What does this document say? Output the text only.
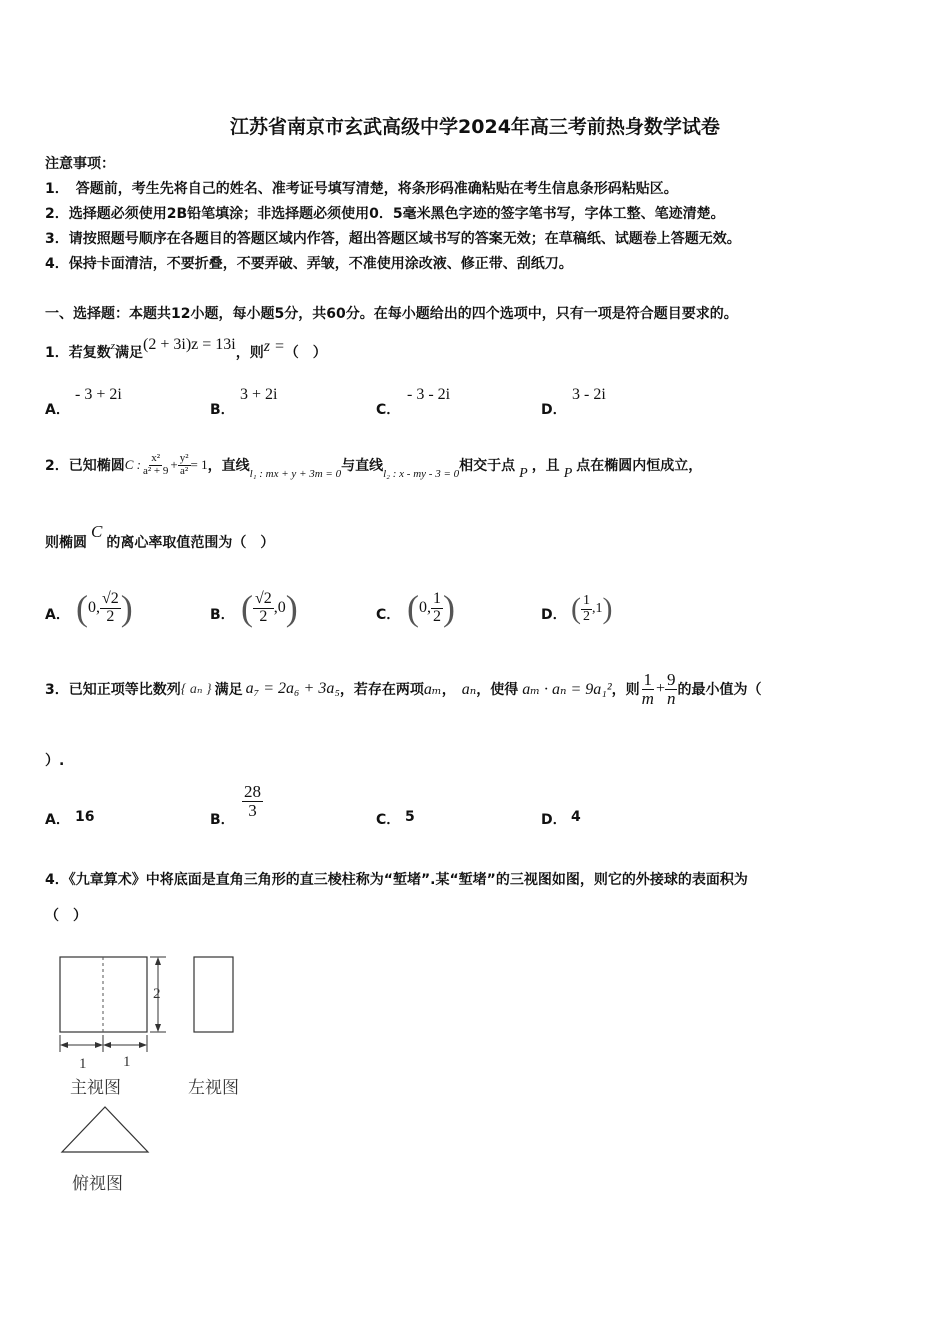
江苏省南京市玄武高级中学2024年高三考前热身数学试卷
注意事项：
1．　答题前，考生先将自己的姓名、准考证号填写清楚，将条形码准确粘贴在考生信息条形码粘贴区。
2．选择题必须使用2B铅笔填涂；非选择题必须使用0．5毫米黑色字迹的签字笔书写，字体工整、笔迹清楚。
3．请按照题号顺序在各题目的答题区域内作答，超出答题区域书写的答案无效；在草稿纸、试题卷上答题无效。
4．保持卡面清洁，不要折叠，不要弄破、弄皱，不准使用涂改液、修正带、刮纸刀。
一、选择题：本题共12小题，每小题5分，共60分。在每小题给出的四个选项中，只有一项是符合题目要求的。
1．若复数$^z$满足(2 + 3i)z = 13i，则z =（　）
A．
- 3 + 2i
B．
3 + 2i
C．
- 3 - 2i
D．
3 - 2i
2．已知椭圆 C : $\frac{\text{x²}}{\text{a² + 9}} + \frac{\text{y²}}{\text{a²}} = 1$ ，直线 l₁ : mx + y + 3m = 0 与直线 l₂ : x - my - 3 = 0 相交于点 P ，且 P 点在椭圆内恒成立，
则椭圆C的离心率取值范围为（　）
A． ( 0, $\frac{√2}{2}$ )	B． ( $\frac{√2}{2} ,0$ )	C． ( 0, $\frac{1}{2}$ )	D． ( $\frac{1}{2} ,1$ )
3．已知正项等比数列 { aₙ } 满足 a₇ = 2a₆ + 3a₅ ，若存在两项 aₘ ， aₙ ，使得 aₘ · aₙ = 9a₁² ，则 $\frac{1}{m} + \frac{9}{n}$ 的最小值为（
）.
A． 16	B．
$\frac{28}{3}$
C． 5	D． 4
4．《九章算术》中将底面是直角三角形的直三棱柱称为“堑堵”.某“堑堵”的三视图如图，则它的外接球的表面积为
（　）
2
1 1
主视图	左视图
俯视图
